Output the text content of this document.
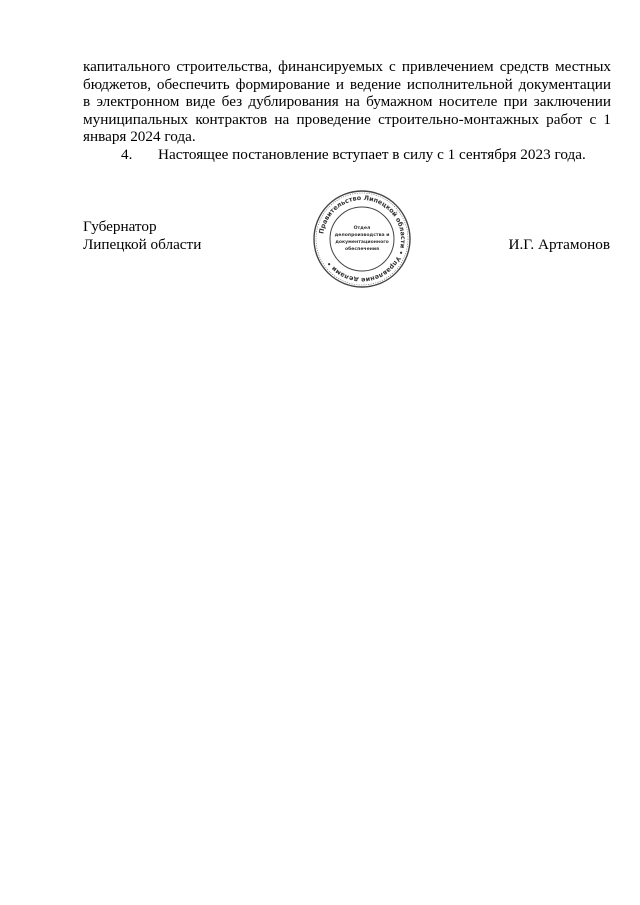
капитального строительства, финансируемых с привлечением средств местных

бюджетов, обеспечить формирование и ведение исполнительной документации

в электронном виде без дублирования на бумажном носителе при заключении

муниципальных контрактов на проведение строительно-монтажных работ с 1

января 2024 года.

4.	Настоящее постановление вступает в силу с 1 сентября 2023 года.
Губернатор
Липецкой области	И.Г. Артамонов
Правительство Липецкой области • Управление делами •
Отдел
делопроизводства и
документационного
обеспечения
